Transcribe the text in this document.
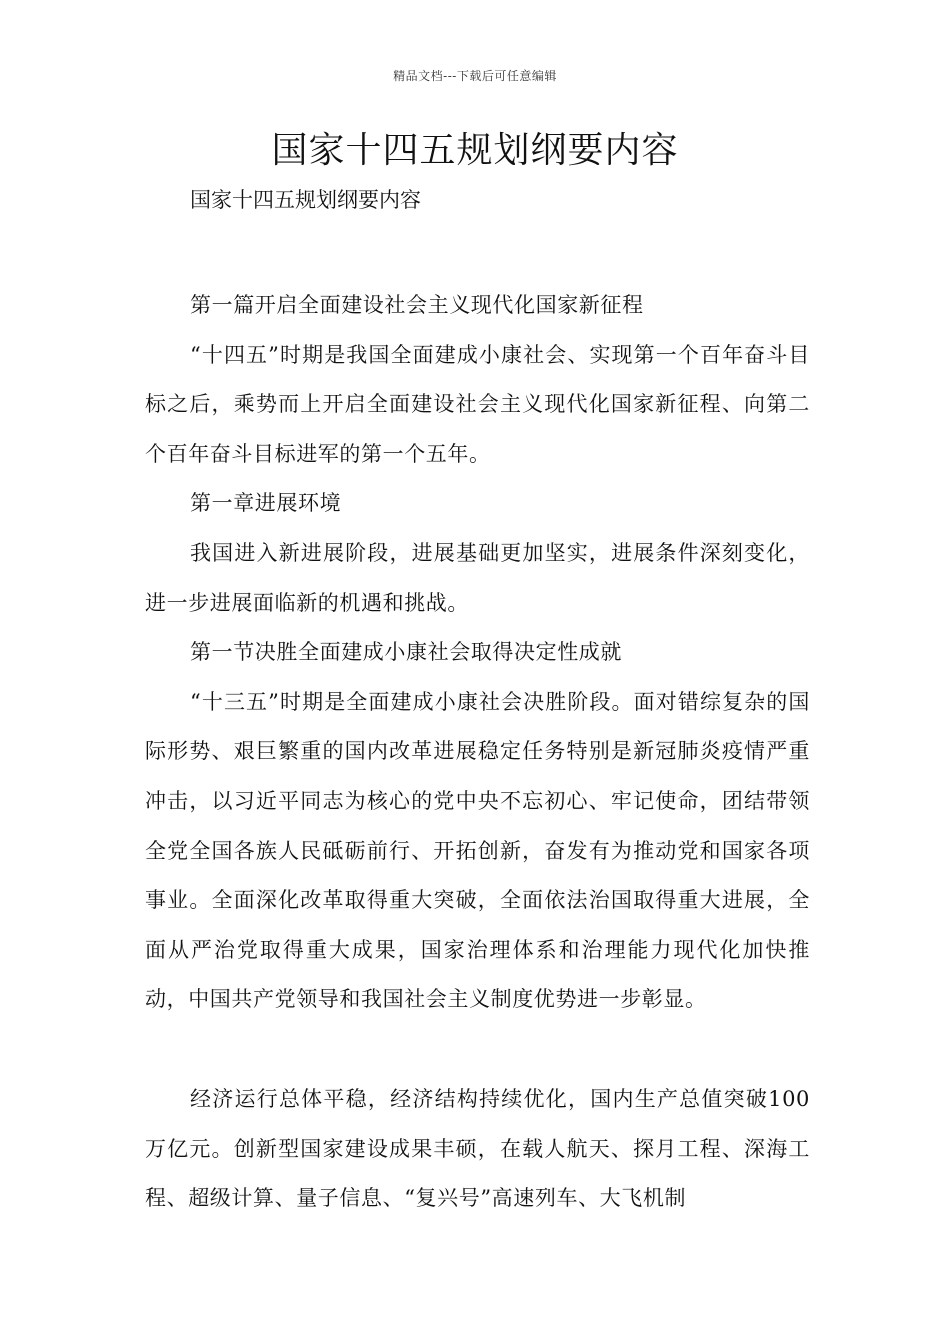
精品文档---下载后可任意编辑
国家十四五规划纲要内容
国家十四五规划纲要内容

第一篇开启全面建设社会主义现代化国家新征程

“十四五”时期是我国全面建成小康社会、实现第一个百年奋斗目标之后，乘势而上开启全面建设社会主义现代化国家新征程、向第二个百年奋斗目标进军的第一个五年。

第一章进展环境

我国进入新进展阶段，进展基础更加坚实，进展条件深刻变化，进一步进展面临新的机遇和挑战。

第一节决胜全面建成小康社会取得决定性成就

“十三五”时期是全面建成小康社会决胜阶段。面对错综复杂的国际形势、艰巨繁重的国内改革进展稳定任务特别是新冠肺炎疫情严重冲击，以习近平同志为核心的党中央不忘初心、牢记使命，团结带领全党全国各族人民砥砺前行、开拓创新，奋发有为推动党和国家各项事业。全面深化改革取得重大突破，全面依法治国取得重大进展，全面从严治党取得重大成果，国家治理体系和治理能力现代化加快推动，中国共产党领导和我国社会主义制度优势进一步彰显。

经济运行总体平稳，经济结构持续优化，国内生产总值突破100万亿元。创新型国家建设成果丰硕，在载人航天、探月工程、深海工程、超级计算、量子信息、“复兴号”高速列车、大飞机制
